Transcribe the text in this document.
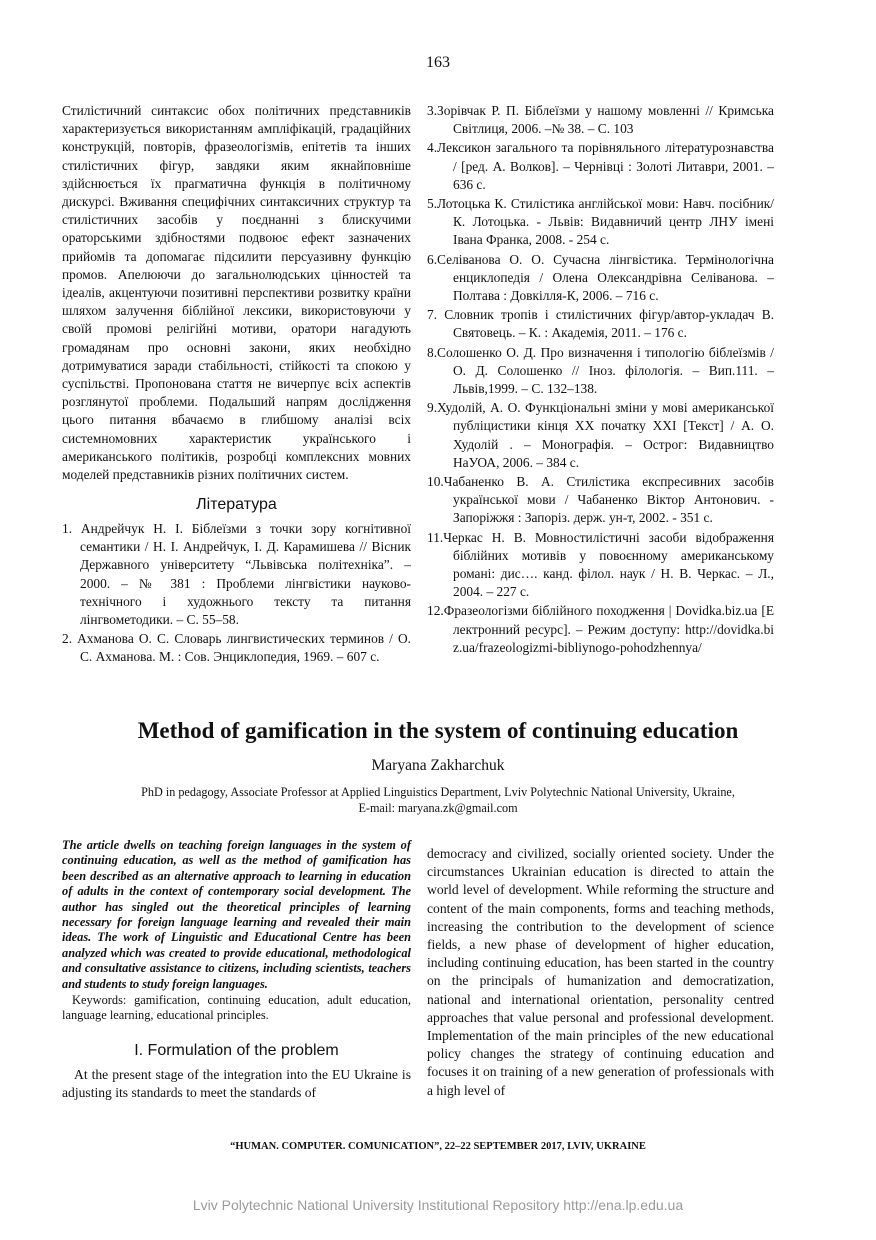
163

Стилістичний синтаксис обох політичних представників характеризується використанням ампліфікацій, градаційних конструкцій, повторів, фразеологізмів, епітетів та інших стилістичних фігур, завдяки яким якнайповніше здійснюється їх прагматична функція в політичному дискурсі. Вживання специфічних синтаксичних структур та стилістичних засобів у поєднанні з блискучими ораторськими здібностями подвоює ефект зазначених прийомів та допомагає підсилити персуазивну функцію промов. Апелюючи до загальнолюдських цінностей та ідеалів, акцентуючи позитивні перспективи розвитку країни шляхом залучення біблійної лексики, використовуючи у своїй промові релігійні мотиви, оратори нагадують громадянам про основні закони, яких необхідно дотримуватися заради стабільності, стійкості та спокою у суспільстві. Пропонована стаття не вичерпує всіх аспектів розглянутої проблеми. Подальший напрям дослідження цього питання вбачаємо в глибшому аналізі всіх системномовних характеристик українського і американського політиків, розробці комплексних мовних моделей представників різних політичних систем.

Література

1. Андрейчук Н. І. Біблеїзми з точки зору когнітивної семантики / Н. І. Андрейчук, І. Д. Карамишева // Вісник Державного університету “Львівська політехніка”. – 2000. – № 381 : Проблеми лінгвістики науково-технічного і художнього тексту та питання лінгвометодики. – С. 55–58.

2. Ахманова О. С. Словарь лингвистических терминов / О. С. Ахманова. М. : Сов. Энциклопедия, 1969. – 607 с.

3.Зорівчак Р. П. Біблеїзми у нашому мовленні // Кримська Світлиця, 2006. –№ 38. – С. 103

4.Лексикон загального та порівняльного літературознавства / [ред. А. Волков]. – Чернівці : Золоті Литаври, 2001. – 636 с.

5.Лотоцька К. Стилістика англійської мови: Навч. посібник/ К. Лотоцька. - Львів: Видавничий центр ЛНУ імені Івана Франка, 2008. - 254 с.

6.Селіванова О. О. Сучасна лінгвістика. Термінологічна енциклопедія / Олена Олександрівна Селіванова. – Полтава : Довкілля-К, 2006. – 716 с.

7. Словник тропів і стилістичних фігур/автор-укладач В. Святовець. – К. : Академія, 2011. – 176 с.

8.Солошенко О. Д. Про визначення і типологію біблеїзмів / О. Д. Солошенко // Іноз. філологія. – Вип.111. – Львів,1999. – С. 132–138.

9.Худолій, А. О. Функціональні зміни у мові американської публіцистики кінця XX початку XXI [Текст] / А. О. Худолій . – Монографія. – Острог: Видавництво НаУОА, 2006. – 384 с.

10.Чабаненко В. А. Стилістика експресивних засобів української мови / Чабаненко Віктор Антонович. - Запоріжжя : Запоріз. держ. ун-т, 2002. - 351 с.

11.Черкас Н. В. Мовностилістичні засоби відображення біблійних мотивів у повоєнному американському романі: дис…. канд. філол. наук / Н. В. Черкас. – Л., 2004. – 227 с.

12.Фразеологізми біблійного походження | Dovidka.biz.ua [Електронний ресурс]. – Режим доступу: http://dovidka.biz.ua/frazeologizmi-bibliynogo-pohodzhennya/

Method of gamification in the system of continuing education
Maryana Zakharchuk
PhD in pedagogy, Associate Professor at Applied Linguistics Department, Lviv Polytechnic National University, Ukraine,
E-mail: maryana.zk@gmail.com

The article dwells on teaching foreign languages in the system of continuing education, as well as the method of gamification has been described as an alternative approach to learning in education of adults in the context of contemporary social development. The author has singled out the theoretical principles of learning necessary for foreign language learning and revealed their main ideas. The work of Linguistic and Educational Centre has been analyzed which was created to provide educational, methodological and consultative assistance to citizens, including scientists, teachers and students to study foreign languages.

Keywords: gamification, continuing education, adult education, language learning, educational principles.

I. Formulation of the problem

At the present stage of the integration into the EU Ukraine is adjusting its standards to meet the standards of

democracy and civilized, socially oriented society. Under the circumstances Ukrainian education is directed to attain the world level of development. While reforming the structure and content of the main components, forms and teaching methods, increasing the contribution to the development of science fields, a new phase of development of higher education, including continuing education, has been started in the country on the principals of humanization and democratization, national and international orientation, personality centred approaches that value personal and professional development. Implementation of the main principles of the new educational policy changes the strategy of continuing education and focuses it on training of a new generation of professionals with a high level of

“HUMAN. COMPUTER. COMUNICATION”, 22–22 SEPTEMBER 2017, LVIV, UKRAINE
Lviv Polytechnic National University Institutional Repository http://ena.lp.edu.ua
